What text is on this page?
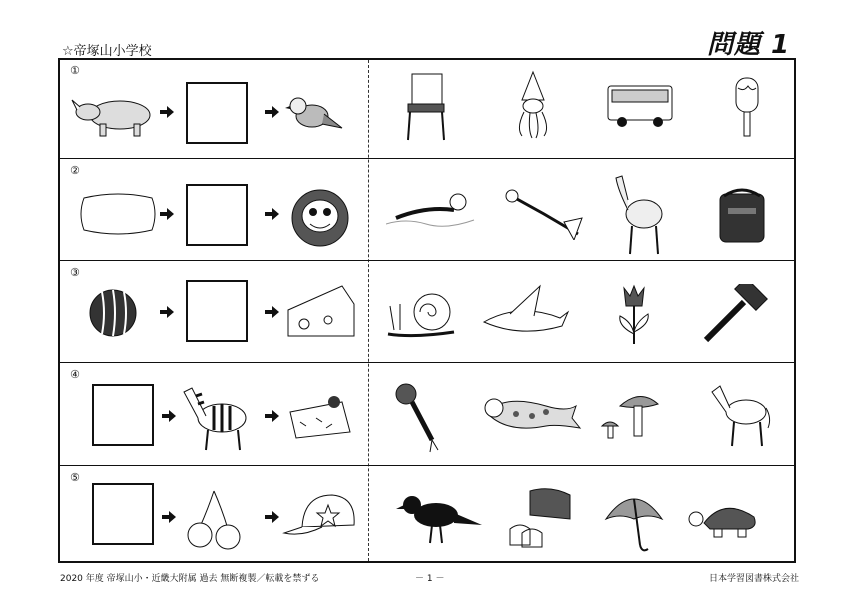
☆帝塚山小学校	問題 1
①
②
③
④
⑤
2020 年度 帝塚山小・近畿大附属 過去 無断複製／転載を禁ずる	－ 1 －	日本学習図書株式会社
